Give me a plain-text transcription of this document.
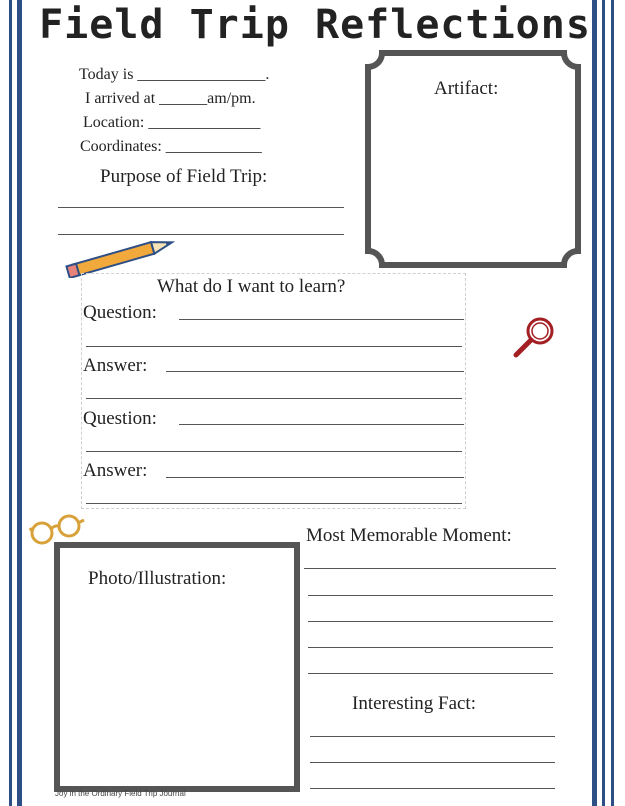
Field Trip Reflections
Today is ________________.
I arrived at ______am/pm.
Location: ______________
Coordinates: ____________
Purpose of Field Trip:
Artifact:
What do I want to learn?
Question:
Answer:
Question:
Answer:
Photo/Illustration:
Most Memorable Moment:
Interesting Fact:
Joy in the Ordinary Field Trip Journal
